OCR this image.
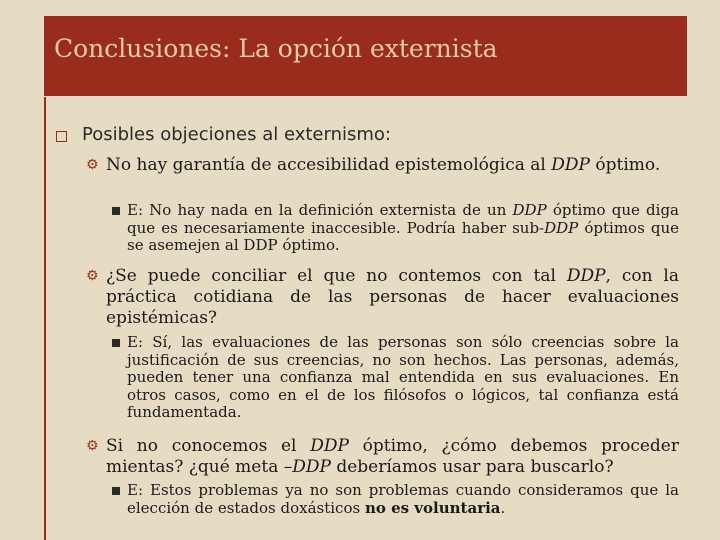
Conclusiones: La opción externista
Posibles objeciones al externismo:
⚙ No hay garantía de accesibilidad epistemológica al DDP óptimo.
E: No hay nada en la definición externista de un DDP óptimo que diga que es necesariamente inaccesible. Podría haber sub-DDP óptimos que se asemejen al DDP óptimo.
⚙ ¿Se puede conciliar el que no contemos con tal DDP, con la práctica cotidiana de las personas de hacer evaluaciones epistémicas?
E: Sí, las evaluaciones de las personas son sólo creencias sobre la justificación de sus creencias, no son hechos. Las personas, además, pueden tener una confianza mal entendida en sus evaluaciones. En otros casos, como en el de los filósofos o lógicos, tal confianza está fundamentada.
⚙ Si no conocemos el DDP óptimo, ¿cómo debemos proceder mientas? ¿qué meta –DDP deberíamos usar para buscarlo?
E: Estos problemas ya no son problemas cuando consideramos que la elección de estados doxásticos no es voluntaria.
